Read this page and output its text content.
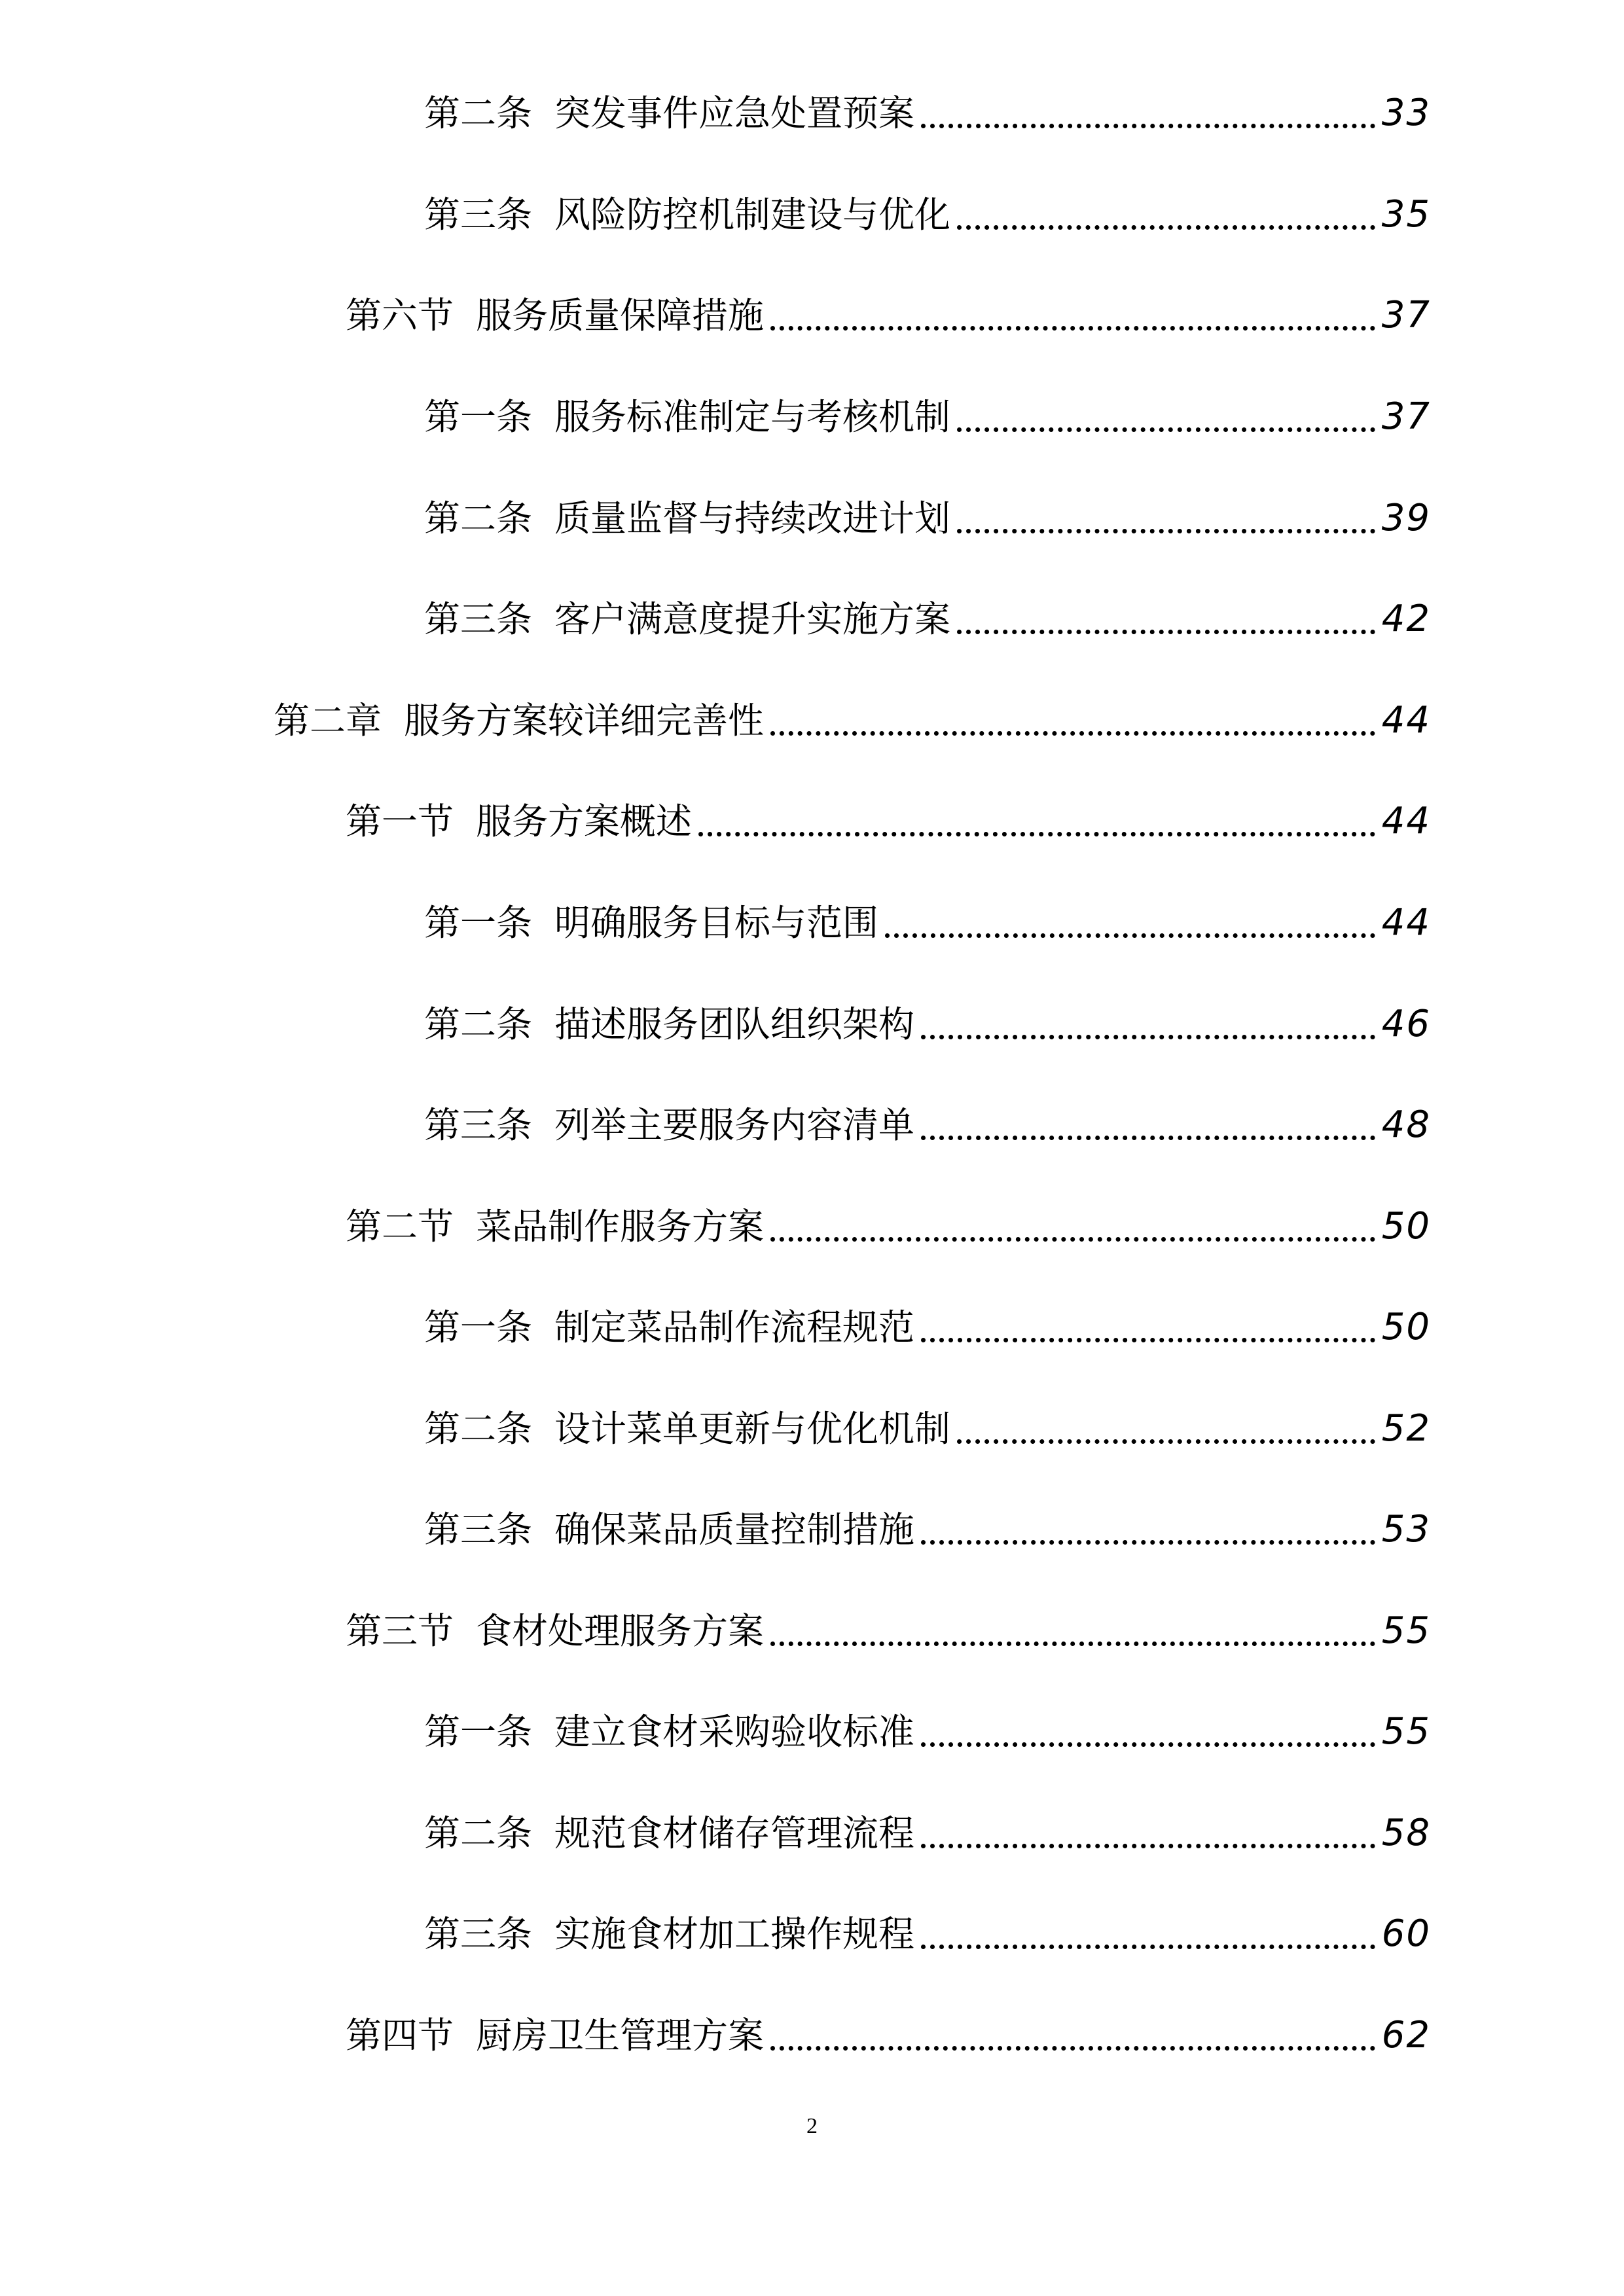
第二条 突发事件应急处置预案	33
第三条 风险防控机制建设与优化	35
第六节 服务质量保障措施	37
第一条 服务标准制定与考核机制	37
第二条 质量监督与持续改进计划	39
第三条 客户满意度提升实施方案	42
第二章 服务方案较详细完善性	44
第一节 服务方案概述	44
第一条 明确服务目标与范围	44
第二条 描述服务团队组织架构	46
第三条 列举主要服务内容清单	48
第二节 菜品制作服务方案	50
第一条 制定菜品制作流程规范	50
第二条 设计菜单更新与优化机制	52
第三条 确保菜品质量控制措施	53
第三节 食材处理服务方案	55
第一条 建立食材采购验收标准	55
第二条 规范食材储存管理流程	58
第三条 实施食材加工操作规程	60
第四节 厨房卫生管理方案	62
2
